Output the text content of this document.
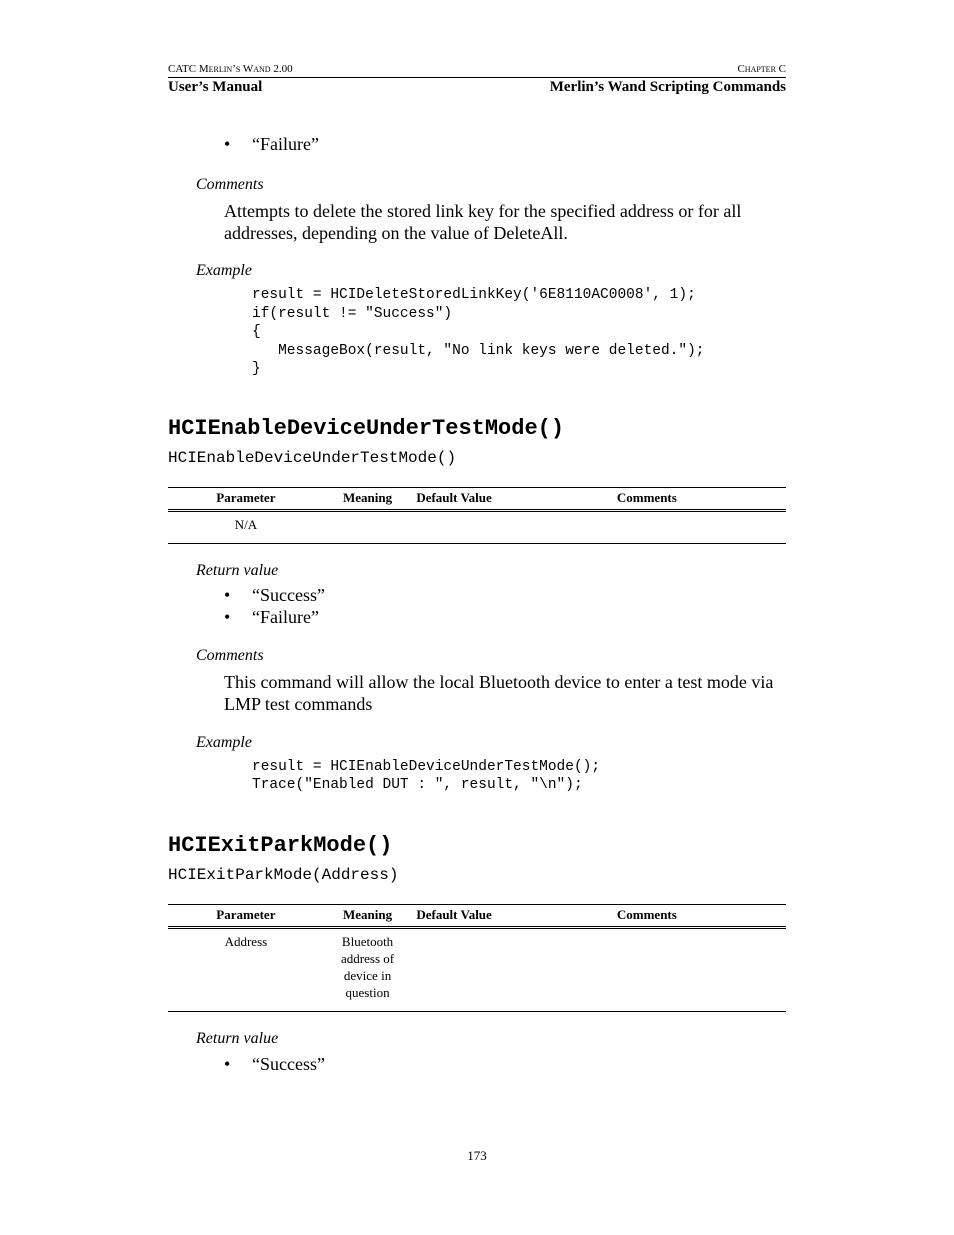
CATC Merlin’s Wand 2.00	Chapter C
User’s Manual	Merlin’s Wand Scripting Commands
•	“Failure”
Comments
Attempts to delete the stored link key for the specified address or for all addresses, depending on the value of DeleteAll.
Example
result = HCIDeleteStoredLinkKey('6E8110AC0008', 1);
if(result != "Success")
{
MessageBox(result, "No link keys were deleted.");
}
HCIEnableDeviceUnderTestMode()
HCIEnableDeviceUnderTestMode()
Parameter	Meaning	Default Value	Comments
N/A			
Return value
•	“Success”
•	“Failure”
Comments
This command will allow the local Bluetooth device to enter a test mode via LMP test commands
Example
result = HCIEnableDeviceUnderTestMode();
Trace("Enabled DUT : ", result, "\n");
HCIExitParkMode()
HCIExitParkMode(Address)
Parameter	Meaning	Default Value	Comments
Address	Bluetooth
address of
device in
question		

Return value
•	“Success”
173
